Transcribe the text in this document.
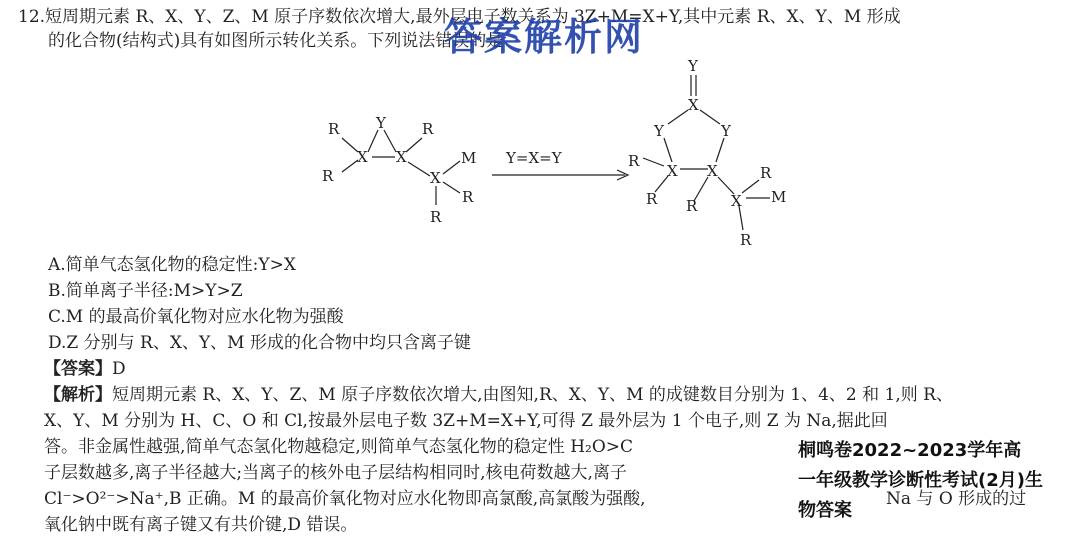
12.短周期元素 R、X、Y、Z、M 原子序数依次增大,最外层电子数关系为 3Z+M=X+Y,其中元素 R、X、Y、M 形成
的化合物(结构式)具有如图所示转化关系。下列说法错误的是
R
R
X
Y
X
R
X
M
R
R
Y=X=Y
Y
X
Y	Y
R
X X
R R
R
X M
R
A.简单气态氢化物的稳定性:Y>X
B.简单离子半径:M>Y>Z
C.M 的最高价氧化物对应水化物为强酸
D.Z 分别与 R、X、Y、M 形成的化合物中均只含离子键
【答案】D
【解析】短周期元素 R、X、Y、Z、M 原子序数依次增大,由图知,R、X、Y、M 的成键数目分别为 1、4、2 和 1,则 R、
X、Y、M 分别为 H、C、O 和 Cl,按最外层电子数 3Z+M=X+Y,可得 Z 最外层为 1 个电子,则 Z 为 Na,据此回
答。非金属性越强,简单气态氢化物越稳定,则简单气态氢化物的稳定性 H₂O>C
子层数越多,离子半径越大;当离子的核外电子层结构相同时,核电荷数越大,离子
Cl⁻>O²⁻>Na⁺,B 正确。M 的最高价氧化物对应水化物即高氯酸,高氯酸为强酸,	Na 与 O 形成的过
氧化钠中既有离子键又有共价键,D 错误。
答案解析网
桐鸣卷2022~2023学年高
一年级教学诊断性考试(2月)生
物答案
